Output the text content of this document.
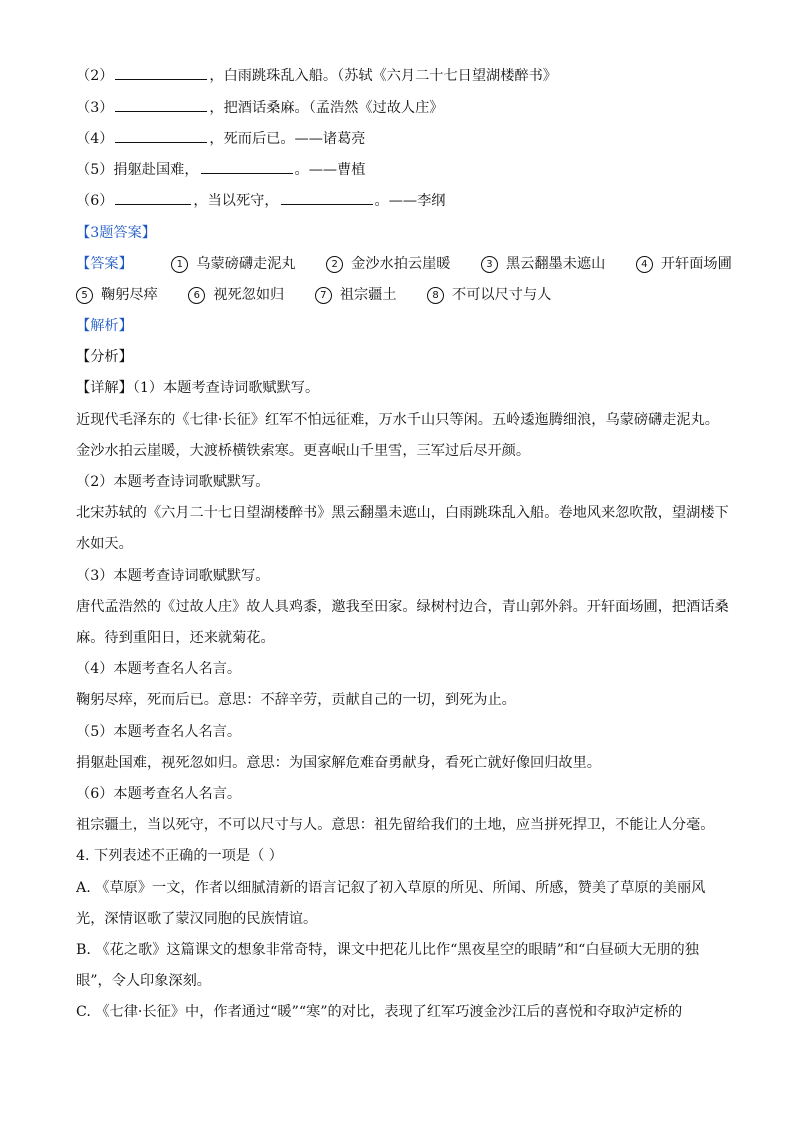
（2）	，白雨跳珠乱入船。（苏轼《六月二十七日望湖楼醉书》
（3）	，把酒话桑麻。（孟浩然《过故人庄》
（4）	，死而后已。——诸葛亮
（5）捐躯赴国难，	。——曹植
（6）	，当以死守，	。——李纲
【3题答案】
【答案】	1 乌蒙磅礴走泥丸	2 金沙水拍云崖暖	3 黑云翻墨未遮山	4 开轩面场圃
5 鞠躬尽瘁	6 视死忽如归	7 祖宗疆土	8 不可以尺寸与人
【解析】
【分析】
【详解】（1）本题考查诗词歌赋默写。
近现代毛泽东的《七律·长征》红军不怕远征难，万水千山只等闲。五岭逶迤腾细浪，乌蒙磅礴走泥丸。
金沙水拍云崖暖，大渡桥横铁索寒。更喜岷山千里雪，三军过后尽开颜。
（2）本题考查诗词歌赋默写。
北宋苏轼的《六月二十七日望湖楼醉书》黑云翻墨未遮山，白雨跳珠乱入船。卷地风来忽吹散，望湖楼下
水如天。
（3）本题考查诗词歌赋默写。
唐代孟浩然的《过故人庄》故人具鸡黍，邀我至田家。绿树村边合，青山郭外斜。开轩面场圃，把酒话桑
麻。待到重阳日，还来就菊花。
（4）本题考查名人名言。
鞠躬尽瘁，死而后已。意思：不辞辛劳，贡献自己的一切，到死为止。
（5）本题考查名人名言。
捐躯赴国难，视死忽如归。意思：为国家解危难奋勇献身，看死亡就好像回归故里。
（6）本题考查名人名言。
祖宗疆土，当以死守，不可以尺寸与人。意思：祖先留给我们的土地，应当拼死捍卫，不能让人分毫。
4. 下列表述不正确的一项是（ ）
A. 《草原》一文，作者以细腻清新的语言记叙了初入草原的所见、所闻、所感，赞美了草原的美丽风
光，深情讴歌了蒙汉同胞的民族情谊。
B. 《花之歌》这篇课文的想象非常奇特，课文中把花儿比作“黑夜星空的眼睛”和“白昼硕大无朋的独
眼”，令人印象深刻。
C. 《七律·长征》中，作者通过“暖”“寒”的对比，表现了红军巧渡金沙江后的喜悦和夺取泸定桥的
